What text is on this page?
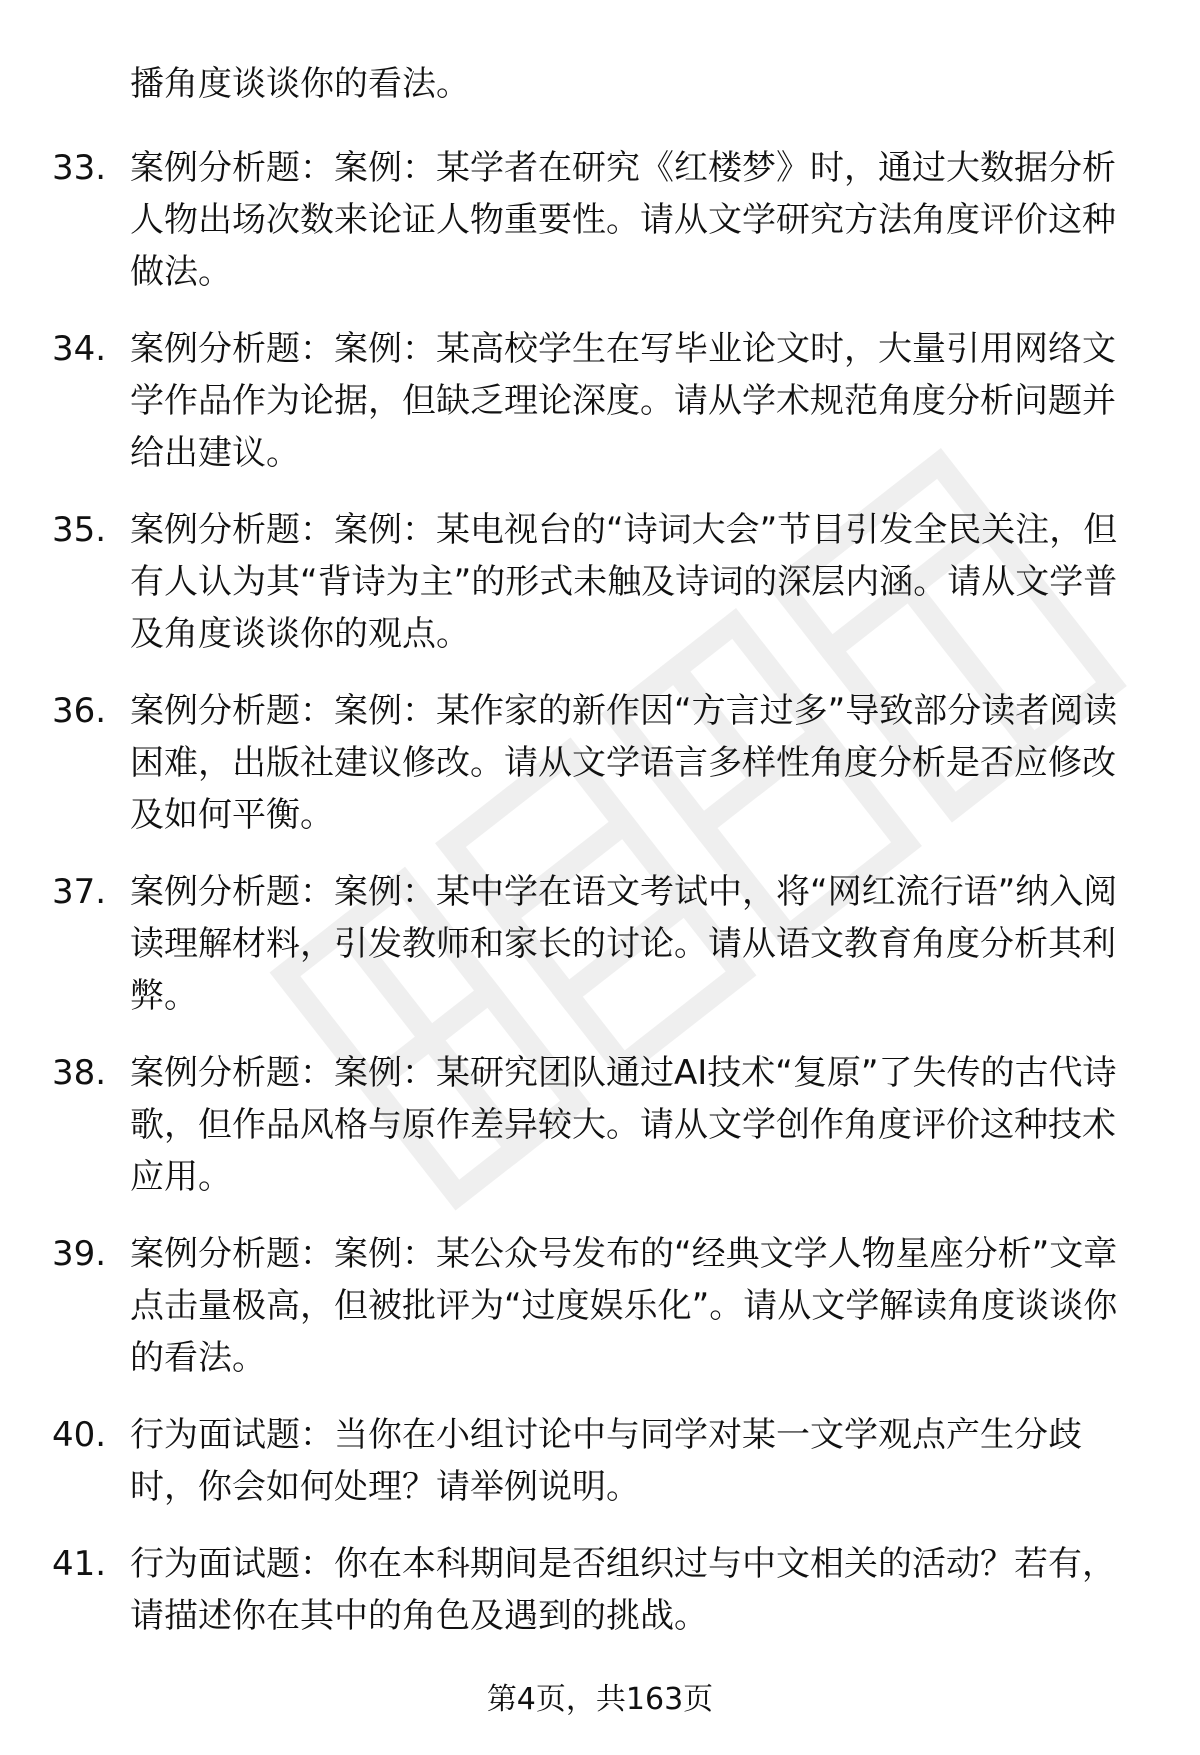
播角度谈谈你的看法。
33. 案例分析题：案例：某学者在研究《红楼梦》时，通过大数据分析人物出场次数来论证人物重要性。请从文学研究方法角度评价这种做法。
34. 案例分析题：案例：某高校学生在写毕业论文时，大量引用网络文学作品作为论据，但缺乏理论深度。请从学术规范角度分析问题并给出建议。
35. 案例分析题：案例：某电视台的“诗词大会”节目引发全民关注，但有人认为其“背诗为主”的形式未触及诗词的深层内涵。请从文学普及角度谈谈你的观点。
36. 案例分析题：案例：某作家的新作因“方言过多”导致部分读者阅读困难，出版社建议修改。请从文学语言多样性角度分析是否应修改及如何平衡。
37. 案例分析题：案例：某中学在语文考试中，将“网红流行语”纳入阅读理解材料，引发教师和家长的讨论。请从语文教育角度分析其利弊。
38. 案例分析题：案例：某研究团队通过AI技术“复原”了失传的古代诗歌，但作品风格与原作差异较大。请从文学创作角度评价这种技术应用。
39. 案例分析题：案例：某公众号发布的“经典文学人物星座分析”文章点击量极高，但被批评为“过度娱乐化”。请从文学解读角度谈谈你的看法。
40. 行为面试题：当你在小组讨论中与同学对某一文学观点产生分歧时，你会如何处理？请举例说明。
41. 行为面试题：你在本科期间是否组织过与中文相关的活动？若有，请描述你在其中的角色及遇到的挑战。
第4页，共163页
